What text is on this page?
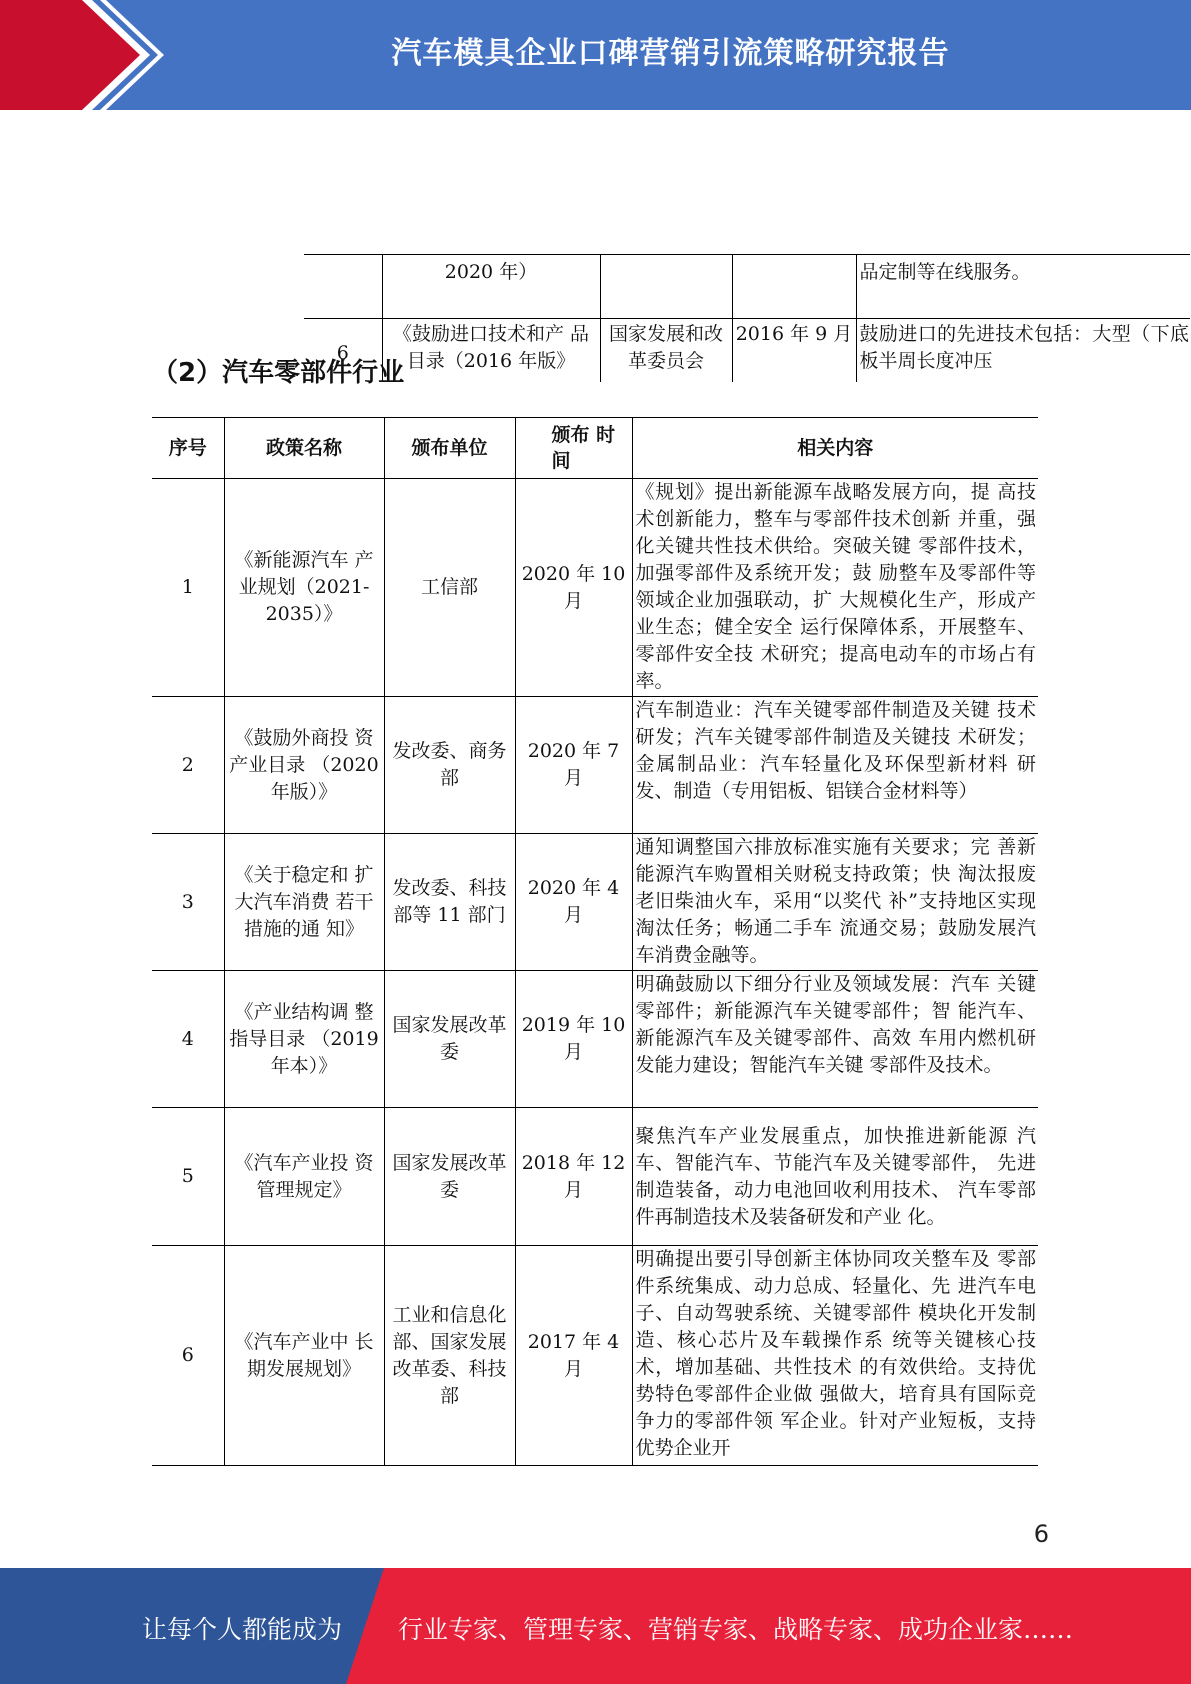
汽车模具企业口碑营销引流策略研究报告
	2020 年）			品定制等在线服务。
6	《鼓励进口技术和产 品目录（2016 年版》	国家发展和改革委员会	2016 年 9 月	鼓励进口的先进技术包括：大型（下底板半周长度冲压
（2）汽车零部件行业
序号	政策名称	颁布单位	颁布 时间	相关内容
1	《新能源汽车 产业规划（2021-2035）》	工信部	2020 年 10 月	《规划》提出新能源车战略发展方向，提 高技术创新能力，整车与零部件技术创新 并重，强化关键共性技术供给。突破关键 零部件技术，加强零部件及系统开发；鼓 励整车及零部件等领域企业加强联动，扩 大规模化生产，形成产业生态；健全安全 运行保障体系，开展整车、零部件安全技 术研究；提高电动车的市场占有率。
2	《鼓励外商投 资产业目录 （2020 年版）》	发改委、商务部	2020 年 7 月	汽车制造业：汽车关键零部件制造及关键 技术研发；汽车关键零部件制造及关键技 术研发；金属制品业：汽车轻量化及环保型新材料 研发、制造（专用铝板、铝镁合金材料等）
3	《关于稳定和 扩大汽车消费 若干措施的通 知》	发改委、科技部等 11 部门	2020 年 4 月	通知调整国六排放标准实施有关要求；完 善新能源汽车购置相关财税支持政策；快 淘汰报废老旧柴油火车，采用“以奖代 补”支持地区实现淘汰任务；畅通二手车 流通交易；鼓励发展汽车消费金融等。
4	《产业结构调 整指导目录 （2019 年本）》	国家发展改革委	2019 年 10 月	明确鼓励以下细分行业及领域发展：汽车 关键零部件；新能源汽车关键零部件；智 能汽车、新能源汽车及关键零部件、高效 车用内燃机研发能力建设；智能汽车关键 零部件及技术。
5	《汽车产业投 资管理规定》	国家发展改革委	2018 年 12 月	聚焦汽车产业发展重点，加快推进新能源 汽车、智能汽车、节能汽车及关键零部件， 先进制造装备，动力电池回收利用技术、 汽车零部件再制造技术及装备研发和产业 化。
6	《汽车产业中 长期发展规划》	工业和信息化部、国家发展改革委、科技部	2017 年 4 月	明确提出要引导创新主体协同攻关整车及 零部件系统集成、动力总成、轻量化、先 进汽车电子、自动驾驶系统、关键零部件 模块化开发制造、核心芯片及车载操作系 统等关键核心技术，增加基础、共性技术 的有效供给。支持优势特色零部件企业做 强做大，培育具有国际竞争力的零部件领 军企业。针对产业短板，支持优势企业开
6
让每个人都能成为 行业专家、管理专家、营销专家、战略专家、成功企业家……
